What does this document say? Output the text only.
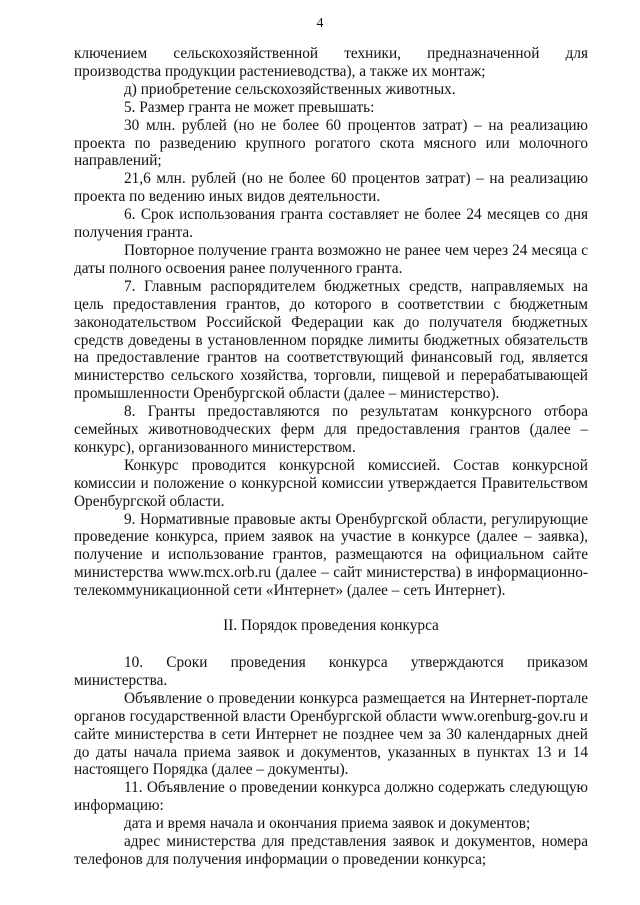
4

ключением сельскохозяйственной техники, предназначенной для производства продукции растениеводства), а также их монтаж;

д) приобретение сельскохозяйственных животных.

5. Размер гранта не может превышать:

30 млн. рублей (но не более 60 процентов затрат) – на реализацию проекта по разведению крупного рогатого скота мясного или молочного направлений;

21,6 млн. рублей (но не более 60 процентов затрат) – на реализацию проекта по ведению иных видов деятельности.

6. Срок использования гранта составляет не более 24 месяцев со дня получения гранта.

Повторное получение гранта возможно не ранее чем через 24 месяца с даты полного освоения ранее полученного гранта.

7. Главным распорядителем бюджетных средств, направляемых на цель предоставления грантов, до которого в соответствии с бюджетным законодательством Российской Федерации как до получателя бюджетных средств доведены в установленном порядке лимиты бюджетных обязательств на предоставление грантов на соответствующий финансовый год, является министерство сельского хозяйства, торговли, пищевой и перерабатывающей промышленности Оренбургской области (далее – министерство).

8. Гранты предоставляются по результатам конкурсного отбора семейных животноводческих ферм для предоставления грантов (далее – конкурс), организованного министерством.

Конкурс проводится конкурсной комиссией. Состав конкурсной комиссии и положение о конкурсной комиссии утверждается Правительством Оренбургской области.

9. Нормативные правовые акты Оренбургской области, регулирующие проведение конкурса, прием заявок на участие в конкурсе (далее – заявка), получение и использование грантов, размещаются на официальном сайте министерства www.mcx.orb.ru (далее – сайт министерства) в информационно-телекоммуникационной сети «Интернет» (далее – сеть Интернет).

II. Порядок проведения конкурса

10. Сроки проведения конкурса утверждаются приказом министерства.

Объявление о проведении конкурса размещается на Интернет-портале органов государственной власти Оренбургской области www.orenburg-gov.ru и сайте министерства в сети Интернет не позднее чем за 30 календарных дней до даты начала приема заявок и документов, указанных в пунктах 13 и 14 настоящего Порядка (далее – документы).

11. Объявление о проведении конкурса должно содержать следующую информацию:

дата и время начала и окончания приема заявок и документов;

адрес министерства для представления заявок и документов, номера телефонов для получения информации о проведении конкурса;
